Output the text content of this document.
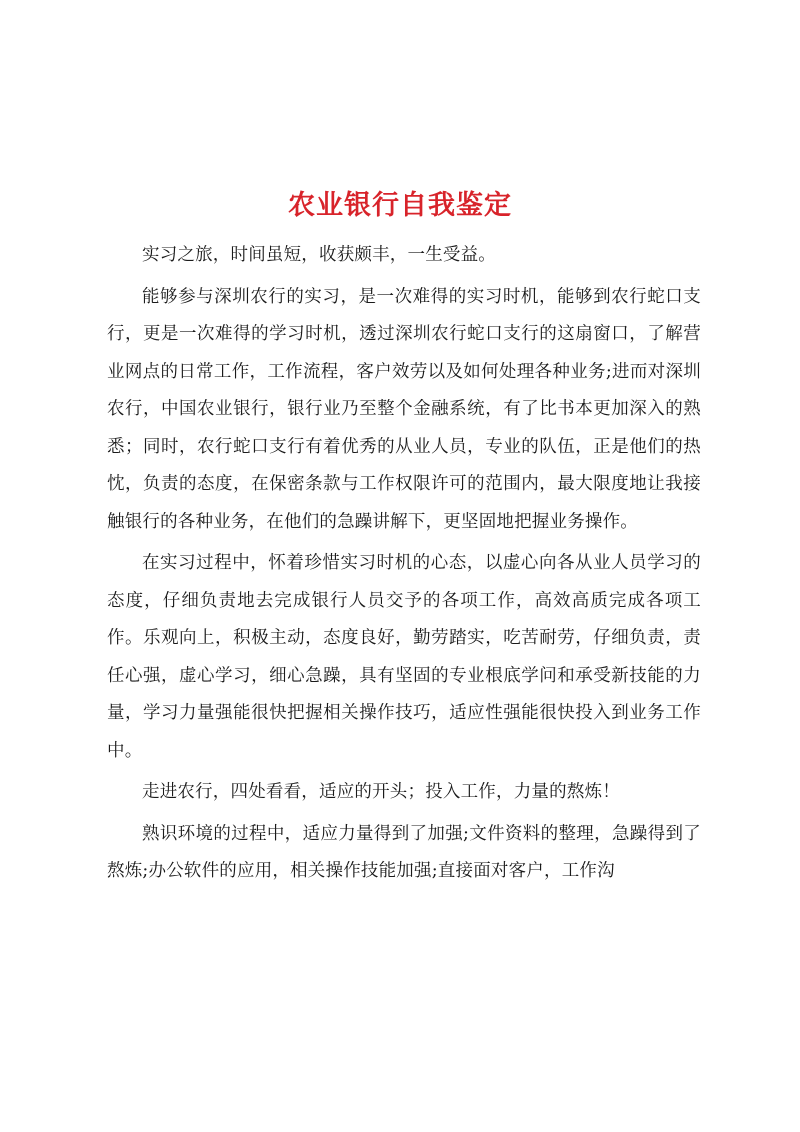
农业银行自我鉴定

实习之旅，时间虽短，收获颇丰，一生受益。

能够参与深圳农行的实习，是一次难得的实习时机，能够到农行蛇口支行，更是一次难得的学习时机，透过深圳农行蛇口支行的这扇窗口，了解营业网点的日常工作，工作流程，客户效劳以及如何处理各种业务;进而对深圳农行，中国农业银行，银行业乃至整个金融系统，有了比书本更加深入的熟悉；同时，农行蛇口支行有着优秀的从业人员，专业的队伍，正是他们的热忱，负责的态度，在保密条款与工作权限许可的范围内，最大限度地让我接触银行的各种业务，在他们的急躁讲解下，更坚固地把握业务操作。

在实习过程中，怀着珍惜实习时机的心态，以虚心向各从业人员学习的态度，仔细负责地去完成银行人员交予的各项工作，高效高质完成各项工作。乐观向上，积极主动，态度良好，勤劳踏实，吃苦耐劳，仔细负责，责任心强，虚心学习，细心急躁，具有坚固的专业根底学问和承受新技能的力量，学习力量强能很快把握相关操作技巧，适应性强能很快投入到业务工作中。

走进农行，四处看看，适应的开头；投入工作，力量的熬炼！

熟识环境的过程中，适应力量得到了加强;文件资料的整理，急躁得到了熬炼;办公软件的应用，相关操作技能加强;直接面对客户，工作沟
